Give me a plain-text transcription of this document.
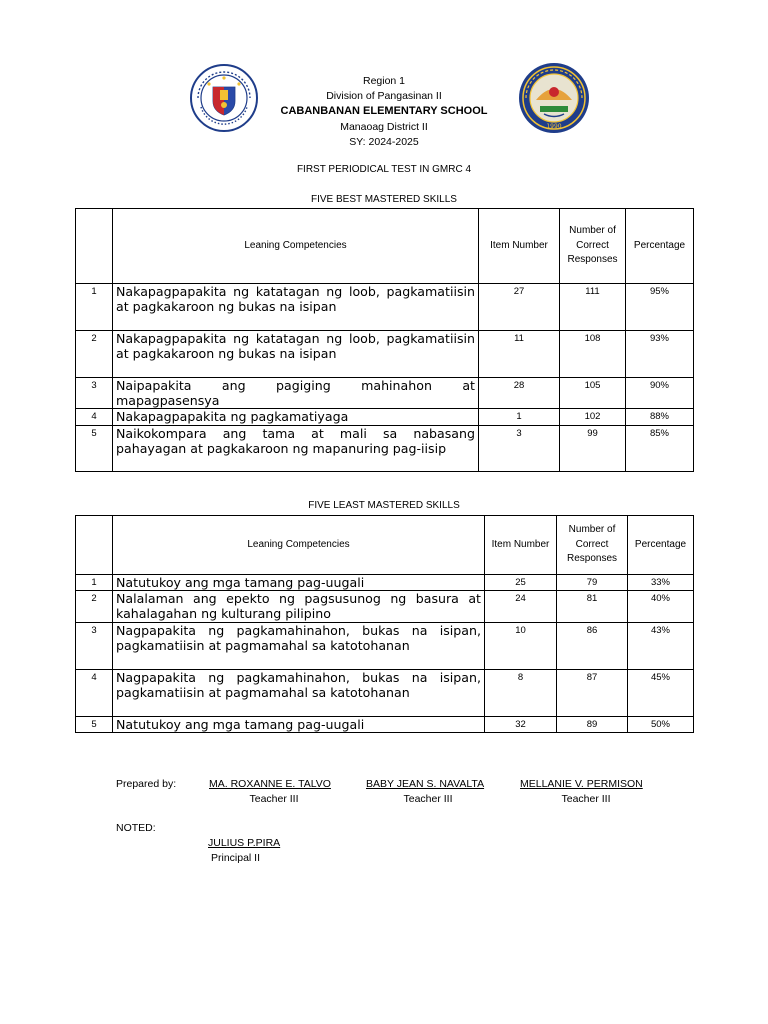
1990
Region 1
Division of Pangasinan II
CABANBANAN ELEMENTARY SCHOOL
Manaoag District II
SY: 2024-2025
FIRST PERIODICAL TEST IN GMRC 4
FIVE BEST MASTERED SKILLS
	Leaning Competencies	Item Number	Number of Correct Responses	Percentage
1	Nakapagpapakita ng katatagan ng loob, pagkamatiisin at pagkakaroon ng bukas na isipan	27	111	95%
2	Nakapagpapakita ng katatagan ng loob, pagkamatiisin at pagkakaroon ng bukas na isipan	11	108	93%
3	Naipapakita ang pagiging mahinahon at mapagpasensya	28	105	90%
4	Nakapagpapakita ng pagkamatiyaga	1	102	88%
5	Naikokompara ang tama at mali sa nabasang pahayagan at pagkakaroon ng mapanuring pag-iisip	3	99	85%
FIVE LEAST MASTERED SKILLS
	Leaning Competencies	Item Number	Number of Correct Responses	Percentage
1	Natutukoy ang mga tamang pag-uugali	25	79	33%
2	Nalalaman ang epekto ng pagsusunog ng basura at kahalagahan ng kulturang pilipino	24	81	40%
3	Nagpapakita ng pagkamahinahon, bukas na isipan, pagkamatiisin at pagmamahal sa katotohanan	10	86	43%
4	Nagpapakita ng pagkamahinahon, bukas na isipan, pagkamatiisin at pagmamahal sa katotohanan	8	87	45%
5	Natutukoy ang mga tamang pag-uugali	32	89	50%
Prepared by:	MA. ROXANNE E. TALVO
Teacher III
BABY JEAN S. NAVALTA
Teacher III
MELLANIE V. PERMISON
Teacher III
NOTED:
JULIUS P.PIRA
Principal II
